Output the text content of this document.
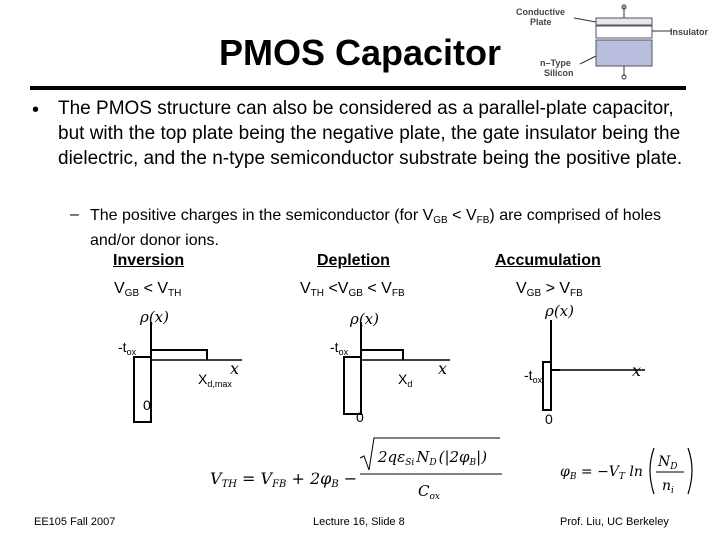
PMOS Capacitor
Conductive
Plate
Insulator
n–Type
Silicon
• The PMOS structure can also be considered as a parallel-plate capacitor, but with the top plate being the negative plate, the gate insulator being the dielectric, and the n-type semiconductor substrate being the positive plate.
– The positive charges in the semiconductor (for $V_{GB} < V_{FB}$) are comprised of holes and/or donor ions.
Inversion	Depletion	Accumulation
$V_{GB} < V_{TH}$	$V_{TH} <V_{GB} < V_{FB}$	$V_{GB} > V_{FB}$
ρ(x)
x
$-t_{ox}$
$X_{d,max}$
0
ρ(x)
x
$-t_{ox}$
$X_d$
0
ρ(x)
x
$-t_{ox}$
0
VTH = VFB + 2φB −
$2q\varepsilon_{Si}$ $N_D$ $(|2\varphi_B|)$
$C_{ox}$
$\varphi_B = -V_T$ ln
$N_D$
$n_i$
EE105 Fall 2007	Lecture 16, Slide 8	Prof. Liu, UC Berkeley
